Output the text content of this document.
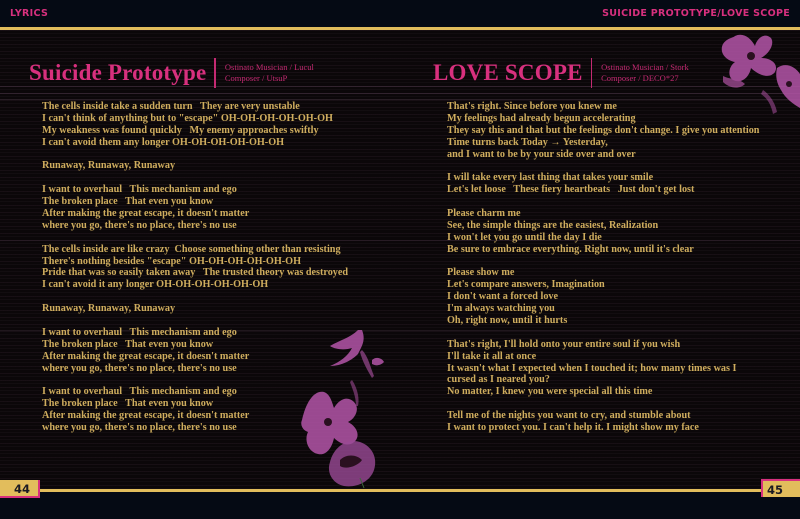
LYRICS	SUICIDE PROTOTYPE/LOVE SCOPE
Suicide Prototype Ostinato Musician / Lucul
Composer / UtsuP
The cells inside take a sudden turn   They are very unstable
I can't think of anything but to "escape" OH-OH-OH-OH-OH-OH
My weakness was found quickly   My enemy approaches swiftly
I can't avoid them any longer OH-OH-OH-OH-OH-OH
Runaway, Runaway, Runaway
I want to overhaul   This mechanism and ego
The broken place   That even you know
After making the great escape, it doesn't matter
where you go, there's no place, there's no use
The cells inside are like crazy  Choose something other than resisting
There's nothing besides "escape" OH-OH-OH-OH-OH-OH
Pride that was so easily taken away   The trusted theory was destroyed
I can't avoid it any longer OH-OH-OH-OH-OH-OH
Runaway, Runaway, Runaway
I want to overhaul   This mechanism and ego
The broken place   That even you know
After making the great escape, it doesn't matter
where you go, there's no place, there's no use
I want to overhaul   This mechanism and ego
The broken place   That even you know
After making the great escape, it doesn't matter
where you go, there's no place, there's no use
LOVE SCOPE Ostinato Musician / Stork
Composer / DECO*27
That's right. Since before you knew me
My feelings had already begun accelerating
They say this and that but the feelings don't change. I give you attention
Time turns back Today → Yesterday,
and I want to be by your side over and over
I will take every last thing that takes your smile
Let's let loose   These fiery heartbeats   Just don't get lost
Please charm me
See, the simple things are the easiest, Realization
I won't let you go until the day I die
Be sure to embrace everything. Right now, until it's clear
Please show me
Let's compare answers, Imagination
I don't want a forced love
I'm always watching you
Oh, right now, until it hurts
That's right, I'll hold onto your entire soul if you wish
I'll take it all at once
It wasn't what I expected when I touched it; how many times was I
cursed as I neared you?
No matter, I knew you were special all this time
Tell me of the nights you want to cry, and stumble about
I want to protect you. I can't help it. I might show my face
44	45
